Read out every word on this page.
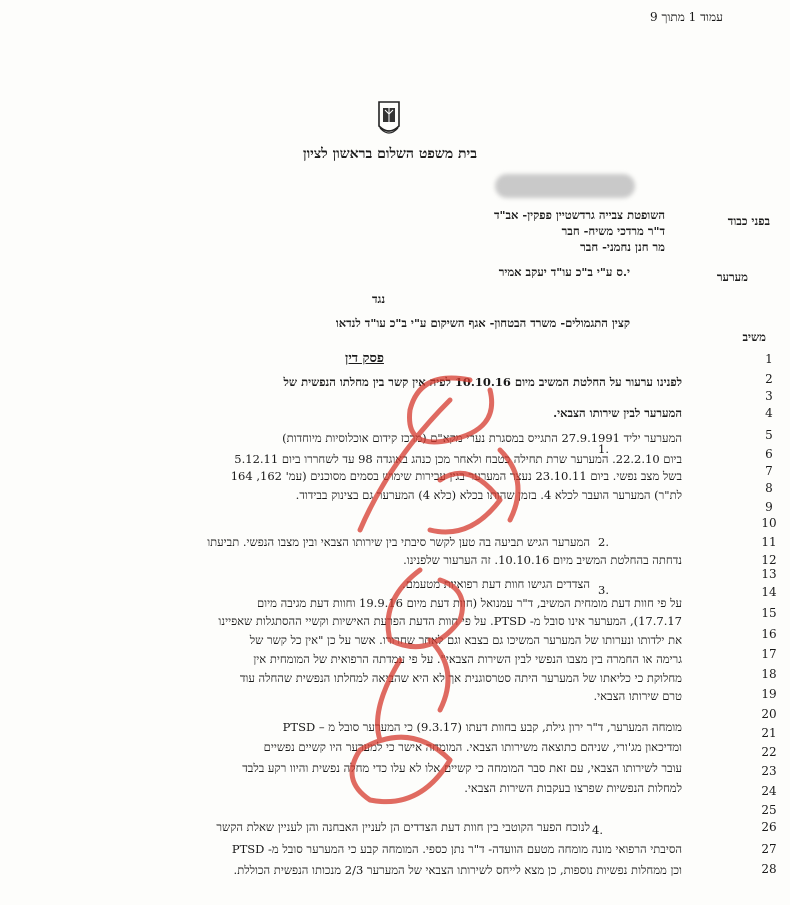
עמוד 1 מתוך 9
בית משפט השלום בראשון לציון
בפני כבוד
השופטת צבייה גרדשטיין פפקין- אב"ד
ד"ר מרדכי משיח- חבר
מר חנן נחמני- חבר
מערער
י.ס ע"י ב"כ עו"ד יעקב אמיר
נגד
משיב
קצין התגמולים- משרד הבטחון- אגף השיקום ע"י ב"כ עו"ד לנדאו
פסק דין	1
2
3
4
5
6
7
8
9
10
11
12
13
14
15
16
17
18
19
20
21
22
23
24
25
26
27
28
1.
2.
3.
4.
לפנינו ערעור על החלטת המשיב מיום 10.10.16 לפיה אין קשר בין מחלתו הנפשית של
המערער לבין שירותו הצבאי.
המערער יליד 27.9.1991 התגייס במסגרת נערי מקא"ם (מרכז קידום אוכלוסיות מיוחדות)
ביום 22.2.10. המערער שרת תחילה כטבח ולאחר מכן כנהג באוגדה 98 עד לשחררו ביום 5.12.11
בשל מצב נפשי. ביום 23.10.11 נעצר המערער בגין עבירות שימוש בסמים מסוכנים (עמ' 162, 164
לת"ר) המערער הועבר לכלא 4. בזמן שהותו בכלא (כלא 4) המערער גם בצינוק בבידוד.
המערער הגיש תביעה בה טען לקשר סיבתי בין שירותו הצבאי ובין מצבו הנפשי. תביעתו
נדחתה בהחלטת המשיב מיום 10.10.16. זה הערעור שלפנינו.
הצדדים הגישו חוות דעת רפואיות מטעמם.
על פי חוות דעת מומחית המשיב, ד"ר עמנואל (חוות דעת מיום 19.9.16 וחוות דעת מגיבה מיום
17.7.17), המערער אינו סובל מ- PTSD. על פי חוות הדעת הפרעת האישיות וקשיי ההסתגלות שאפיינו
את ילדותו ונערותו של המערער המשיכו גם בצבא וגם לאחר שחרורו. אשר על כן "אין כל קשר של
גרימה או החמרה בין מצבו הנפשי לבין השירות הצבאי". על פי עמדתה הרפואית של המומחית אין
מחלוקת כי כליאתו של המערער היתה סטרסוגנית אך לא היא שהביאה למחלתו הנפשית שהחלה עוד
טרם שירותו הצבאי.
מומחה המערער, ד"ר ירון גילת, קבע בחוות דעתו (9.3.17) כי המערער סובל מ – PTSD
ומדיכאון מג'ורי, שניהם כתוצאה משירותו הצבאי. המומחה אישר כי למערער היו קשיים נפשיים
עובר לשירותו הצבאי, עם זאת סבר המומחה כי קשיים אלו לא עלו כדי מחלה נפשית והיוו רקע בלבד
למחלות הנפשיות שפרצו בעקבות השירות הצבאי.
לנוכח הפער הקוטבי בין חוות דעת הצדדים הן לעניין האבחנה והן לעניין שאלת הקשר
הסיבתי הרפואי מונה מומחה מטעם הוועדה- ד"ר נתן כספי. המומחה קבע כי המערער סובל מ- PTSD
וכן ממחלות נפשיות נוספות, כן מצא לייחס לשירותו הצבאי של המערער 2/3 מנכותו הנפשית הכוללת.
